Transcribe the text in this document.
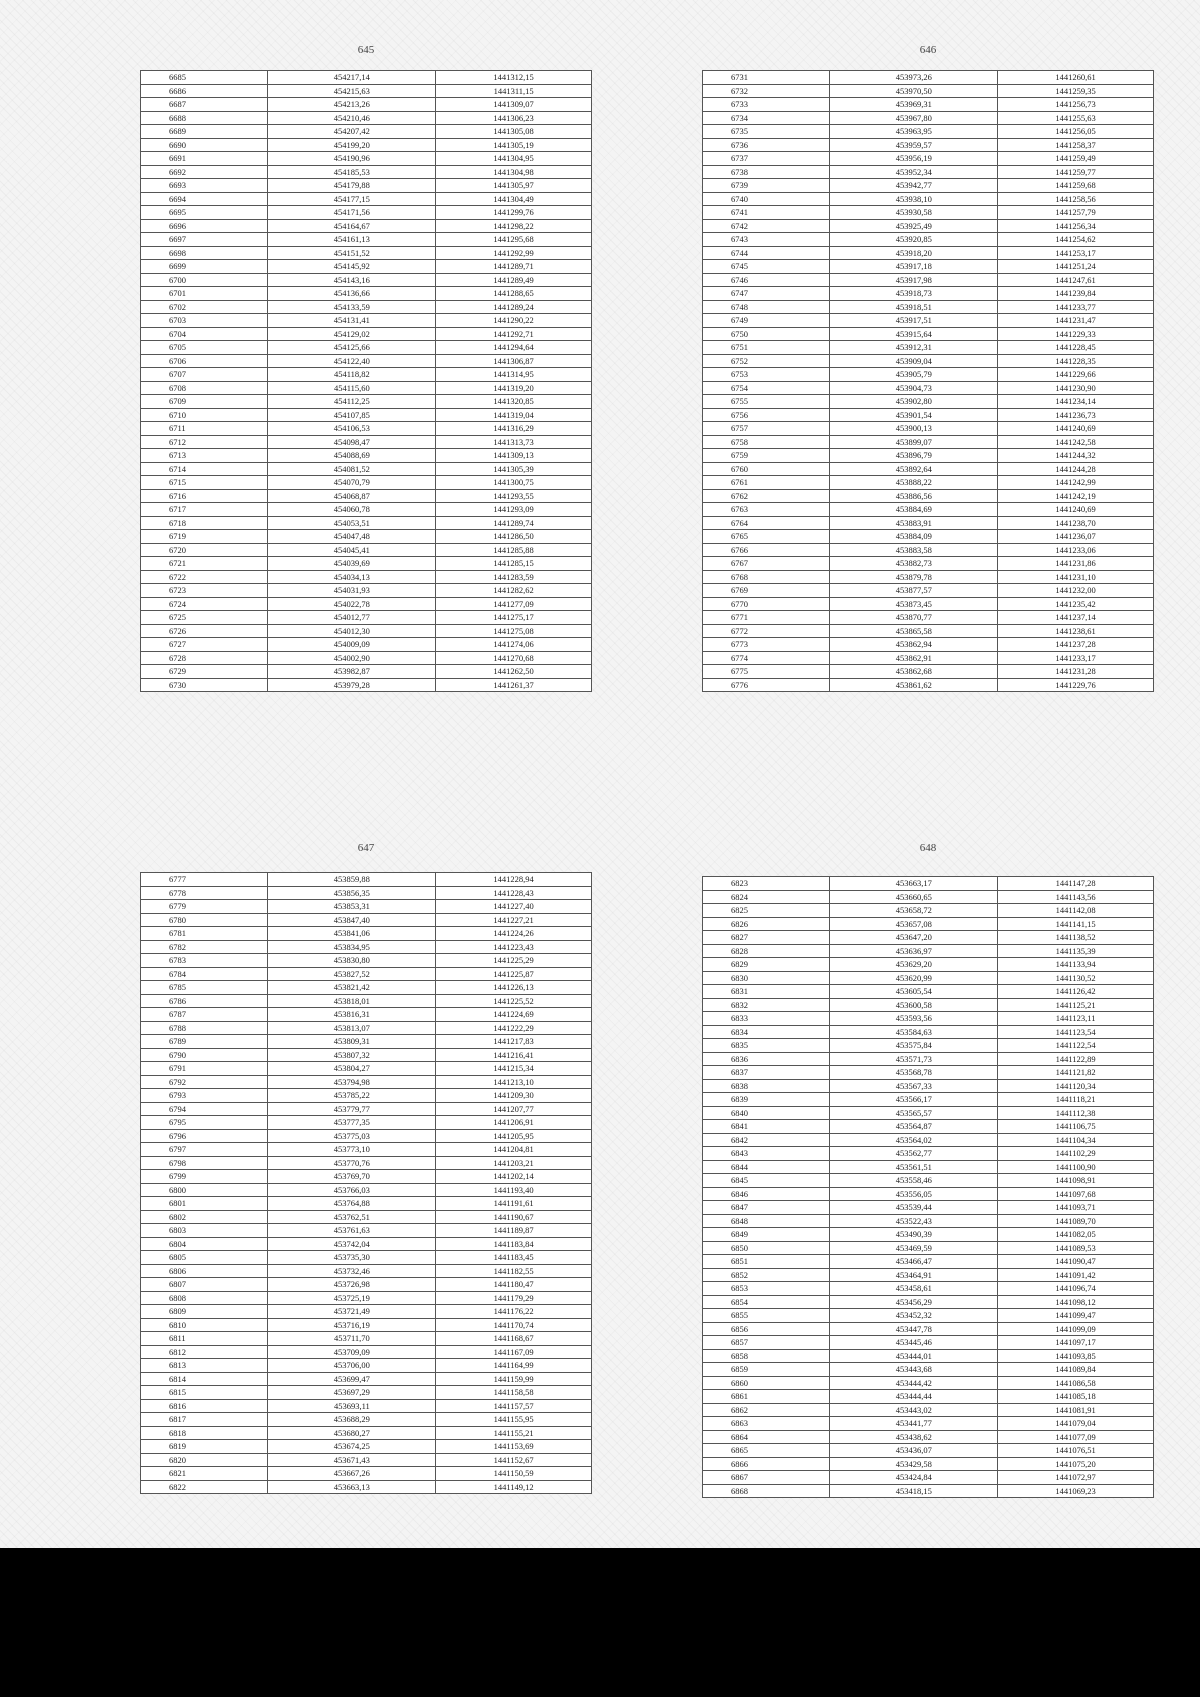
645
6685	454217,14	1441312,15
6686	454215,63	1441311,15
6687	454213,26	1441309,07
6688	454210,46	1441306,23
6689	454207,42	1441305,08
6690	454199,20	1441305,19
6691	454190,96	1441304,95
6692	454185,53	1441304,98
6693	454179,88	1441305,97
6694	454177,15	1441304,49
6695	454171,56	1441299,76
6696	454164,67	1441298,22
6697	454161,13	1441295,68
6698	454151,52	1441292,99
6699	454145,92	1441289,71
6700	454143,16	1441289,49
6701	454136,66	1441288,65
6702	454133,59	1441289,24
6703	454131,41	1441290,22
6704	454129,02	1441292,71
6705	454125,66	1441294,64
6706	454122,40	1441306,87
6707	454118,82	1441314,95
6708	454115,60	1441319,20
6709	454112,25	1441320,85
6710	454107,85	1441319,04
6711	454106,53	1441316,29
6712	454098,47	1441313,73
6713	454088,69	1441309,13
6714	454081,52	1441305,39
6715	454070,79	1441300,75
6716	454068,87	1441293,55
6717	454060,78	1441293,09
6718	454053,51	1441289,74
6719	454047,48	1441286,50
6720	454045,41	1441285,88
6721	454039,69	1441285,15
6722	454034,13	1441283,59
6723	454031,93	1441282,62
6724	454022,78	1441277,09
6725	454012,77	1441275,17
6726	454012,30	1441275,08
6727	454009,09	1441274,06
6728	454002,90	1441270,68
6729	453982,87	1441262,50
6730	453979,28	1441261,37
646
6731	453973,26	1441260,61
6732	453970,50	1441259,35
6733	453969,31	1441256,73
6734	453967,80	1441255,63
6735	453963,95	1441256,05
6736	453959,57	1441258,37
6737	453956,19	1441259,49
6738	453952,34	1441259,77
6739	453942,77	1441259,68
6740	453938,10	1441258,56
6741	453930,58	1441257,79
6742	453925,49	1441256,34
6743	453920,85	1441254,62
6744	453918,20	1441253,17
6745	453917,18	1441251,24
6746	453917,98	1441247,61
6747	453918,73	1441239,84
6748	453918,51	1441233,77
6749	453917,51	1441231,47
6750	453915,64	1441229,33
6751	453912,31	1441228,45
6752	453909,04	1441228,35
6753	453905,79	1441229,66
6754	453904,73	1441230,90
6755	453902,80	1441234,14
6756	453901,54	1441236,73
6757	453900,13	1441240,69
6758	453899,07	1441242,58
6759	453896,79	1441244,32
6760	453892,64	1441244,28
6761	453888,22	1441242,99
6762	453886,56	1441242,19
6763	453884,69	1441240,69
6764	453883,91	1441238,70
6765	453884,09	1441236,07
6766	453883,58	1441233,06
6767	453882,73	1441231,86
6768	453879,78	1441231,10
6769	453877,57	1441232,00
6770	453873,45	1441235,42
6771	453870,77	1441237,14
6772	453865,58	1441238,61
6773	453862,94	1441237,28
6774	453862,91	1441233,17
6775	453862,68	1441231,28
6776	453861,62	1441229,76
647
6777	453859,88	1441228,94
6778	453856,35	1441228,43
6779	453853,31	1441227,40
6780	453847,40	1441227,21
6781	453841,06	1441224,26
6782	453834,95	1441223,43
6783	453830,80	1441225,29
6784	453827,52	1441225,87
6785	453821,42	1441226,13
6786	453818,01	1441225,52
6787	453816,31	1441224,69
6788	453813,07	1441222,29
6789	453809,31	1441217,83
6790	453807,32	1441216,41
6791	453804,27	1441215,34
6792	453794,98	1441213,10
6793	453785,22	1441209,30
6794	453779,77	1441207,77
6795	453777,35	1441206,91
6796	453775,03	1441205,95
6797	453773,10	1441204,81
6798	453770,76	1441203,21
6799	453769,70	1441202,14
6800	453766,03	1441193,40
6801	453764,88	1441191,61
6802	453762,51	1441190,67
6803	453761,63	1441189,87
6804	453742,04	1441183,84
6805	453735,30	1441183,45
6806	453732,46	1441182,55
6807	453726,98	1441180,47
6808	453725,19	1441179,29
6809	453721,49	1441176,22
6810	453716,19	1441170,74
6811	453711,70	1441168,67
6812	453709,09	1441167,09
6813	453706,00	1441164,99
6814	453699,47	1441159,99
6815	453697,29	1441158,58
6816	453693,11	1441157,57
6817	453688,29	1441155,95
6818	453680,27	1441155,21
6819	453674,25	1441153,69
6820	453671,43	1441152,67
6821	453667,26	1441150,59
6822	453663,13	1441149,12
648
6823	453663,17	1441147,28
6824	453660,65	1441143,56
6825	453658,72	1441142,08
6826	453657,08	1441141,15
6827	453647,20	1441138,52
6828	453636,97	1441135,39
6829	453629,20	1441133,94
6830	453620,99	1441130,52
6831	453605,54	1441126,42
6832	453600,58	1441125,21
6833	453593,56	1441123,11
6834	453584,63	1441123,54
6835	453575,84	1441122,54
6836	453571,73	1441122,89
6837	453568,78	1441121,82
6838	453567,33	1441120,34
6839	453566,17	1441118,21
6840	453565,57	1441112,38
6841	453564,87	1441106,75
6842	453564,02	1441104,34
6843	453562,77	1441102,29
6844	453561,51	1441100,90
6845	453558,46	1441098,91
6846	453556,05	1441097,68
6847	453539,44	1441093,71
6848	453522,43	1441089,70
6849	453490,39	1441082,05
6850	453469,59	1441089,53
6851	453466,47	1441090,47
6852	453464,91	1441091,42
6853	453458,61	1441096,74
6854	453456,29	1441098,12
6855	453452,32	1441099,47
6856	453447,78	1441099,09
6857	453445,46	1441097,17
6858	453444,01	1441093,85
6859	453443,68	1441089,84
6860	453444,42	1441086,58
6861	453444,44	1441085,18
6862	453443,02	1441081,91
6863	453441,77	1441079,04
6864	453438,62	1441077,09
6865	453436,07	1441076,51
6866	453429,58	1441075,20
6867	453424,84	1441072,97
6868	453418,15	1441069,23
